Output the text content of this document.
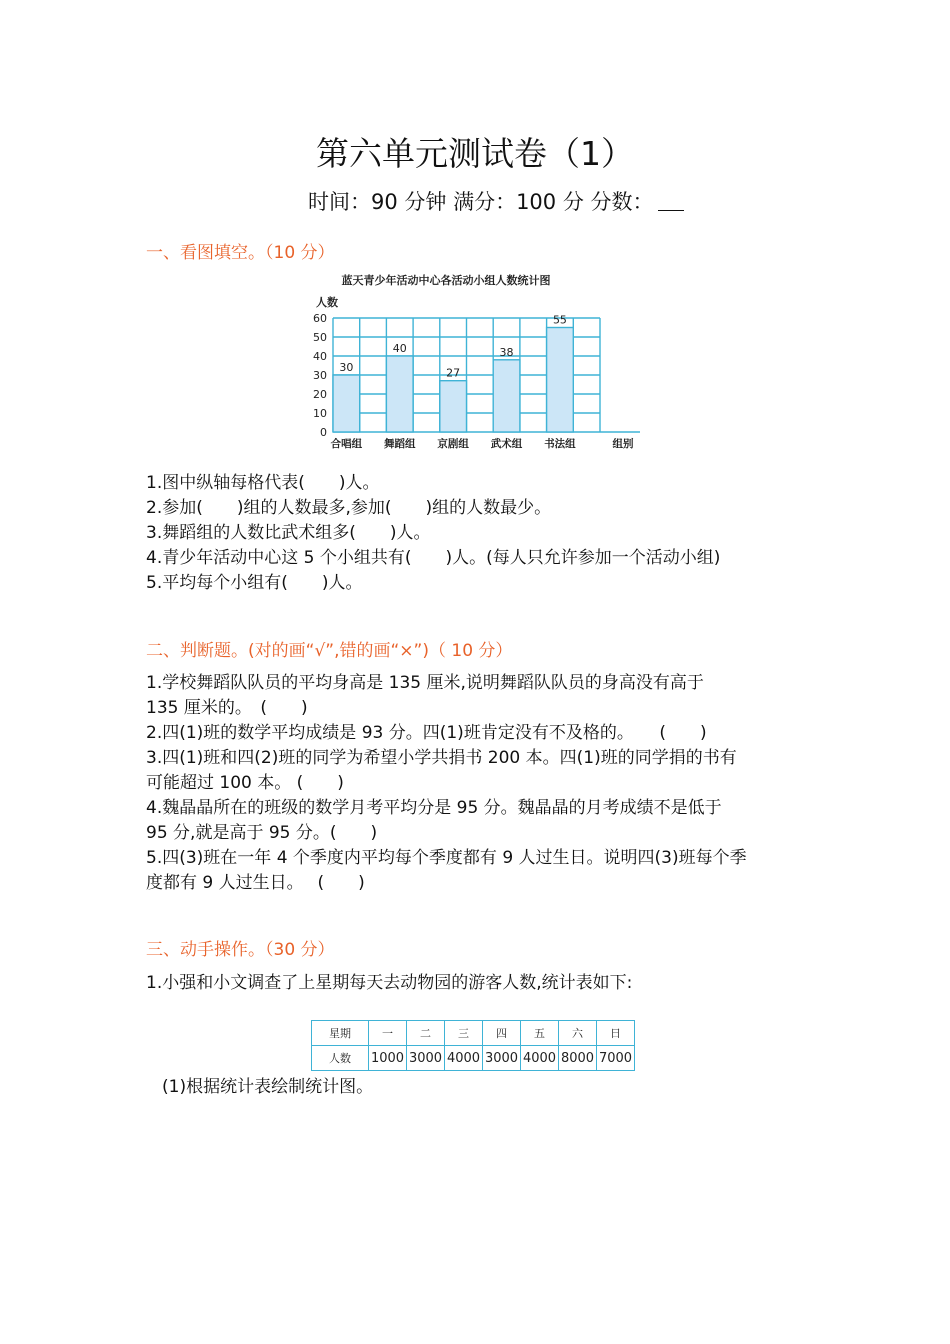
第六单元测试卷（1）
时间：90 分钟 满分：100 分 分数：
一、看图填空。（10 分）
蓝天青少年活动中心各活动小组人数统计图
人数
0
10
20
30
40
50
60
30
合唱组
40
舞蹈组
27
京剧组
38
武术组
55
书法组	组别
1.图中纵轴每格代表(　　)人。
2.参加(　　)组的人数最多,参加(　　)组的人数最少。
3.舞蹈组的人数比武术组多(　　)人。
4.青少年活动中心这 5 个小组共有(　　)人。(每人只允许参加一个活动小组)
5.平均每个小组有(　　)人。
二、判断题。(对的画“√”,错的画“×”)（ 10 分）
1.学校舞蹈队队员的平均身高是 135 厘米,说明舞蹈队队员的身高没有高于
135 厘米的。　(　　)
2.四(1)班的数学平均成绩是 93 分。四(1)班肯定没有不及格的。　　(　　)
3.四(1)班和四(2)班的同学为希望小学共捐书 200 本。四(1)班的同学捐的书有
可能超过 100 本。 (　　)
4.魏晶晶所在的班级的数学月考平均分是 95 分。魏晶晶的月考成绩不是低于
95 分,就是高于 95 分。(　　)
5.四(3)班在一年 4 个季度内平均每个季度都有 9 人过生日。说明四(3)班每个季
度都有 9 人过生日。　 (　　)
三、动手操作。（30 分）
1.小强和小文调查了上星期每天去动物园的游客人数,统计表如下:
星期	一	二	三	四	五	六	日
人数	1000	3000	4000	3000	4000	8000	7000
(1)根据统计表绘制统计图。
